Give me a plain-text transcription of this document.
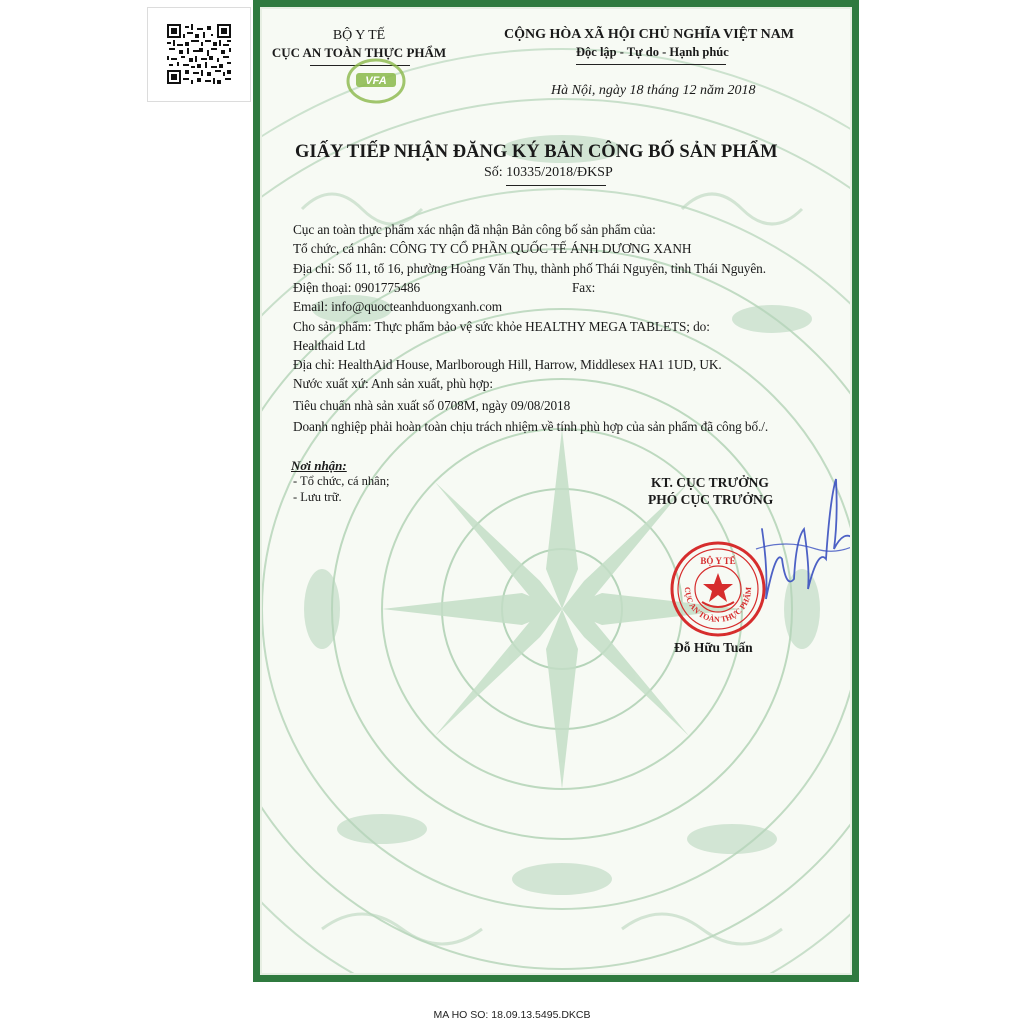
BỘ Y TẾ
CỤC AN TOÀN THỰC PHẨM
VFA
CỘNG HÒA XÃ HỘI CHỦ NGHĨA VIỆT NAM
Độc lập - Tự do - Hạnh phúc
Hà Nội, ngày 18 tháng 12 năm 2018
GIẤY TIẾP NHẬN ĐĂNG KÝ BẢN CÔNG BỐ SẢN PHẨM
Số: 10335/2018/ĐKSP
Cục an toàn thực phẩm xác nhận đã nhận Bản công bố sản phẩm của:
Tổ chức, cá nhân: CÔNG TY CỔ PHẦN QUỐC TẾ ÁNH DƯƠNG XANH
Địa chỉ: Số 11, tổ 16, phường Hoàng Văn Thụ, thành phố Thái Nguyên, tỉnh Thái Nguyên.
Điện thoại: 0901775486	Fax:
Email: info@quocteanhduongxanh.com
Cho sản phẩm: Thực phẩm bảo vệ sức khỏe HEALTHY MEGA TABLETS; do:
Healthaid Ltd
Địa chỉ: HealthAid House, Marlborough Hill, Harrow, Middlesex HA1 1UD, UK.
Nước xuất xứ: Anh sản xuất, phù hợp:
Tiêu chuẩn nhà sản xuất số 0708M, ngày 09/08/2018
Doanh nghiệp phải hoàn toàn chịu trách nhiệm về tính phù hợp của sản phẩm đã công bố./.
Nơi nhận:
- Tổ chức, cá nhân;
- Lưu trữ.
KT. CỤC TRƯỞNG
PHÓ CỤC TRƯỞNG
BỘ Y TẾ
CỤC AN TOÀN THỰC PHẨM
Đỗ Hữu Tuấn
MA HO SO: 18.09.13.5495.DKCB
